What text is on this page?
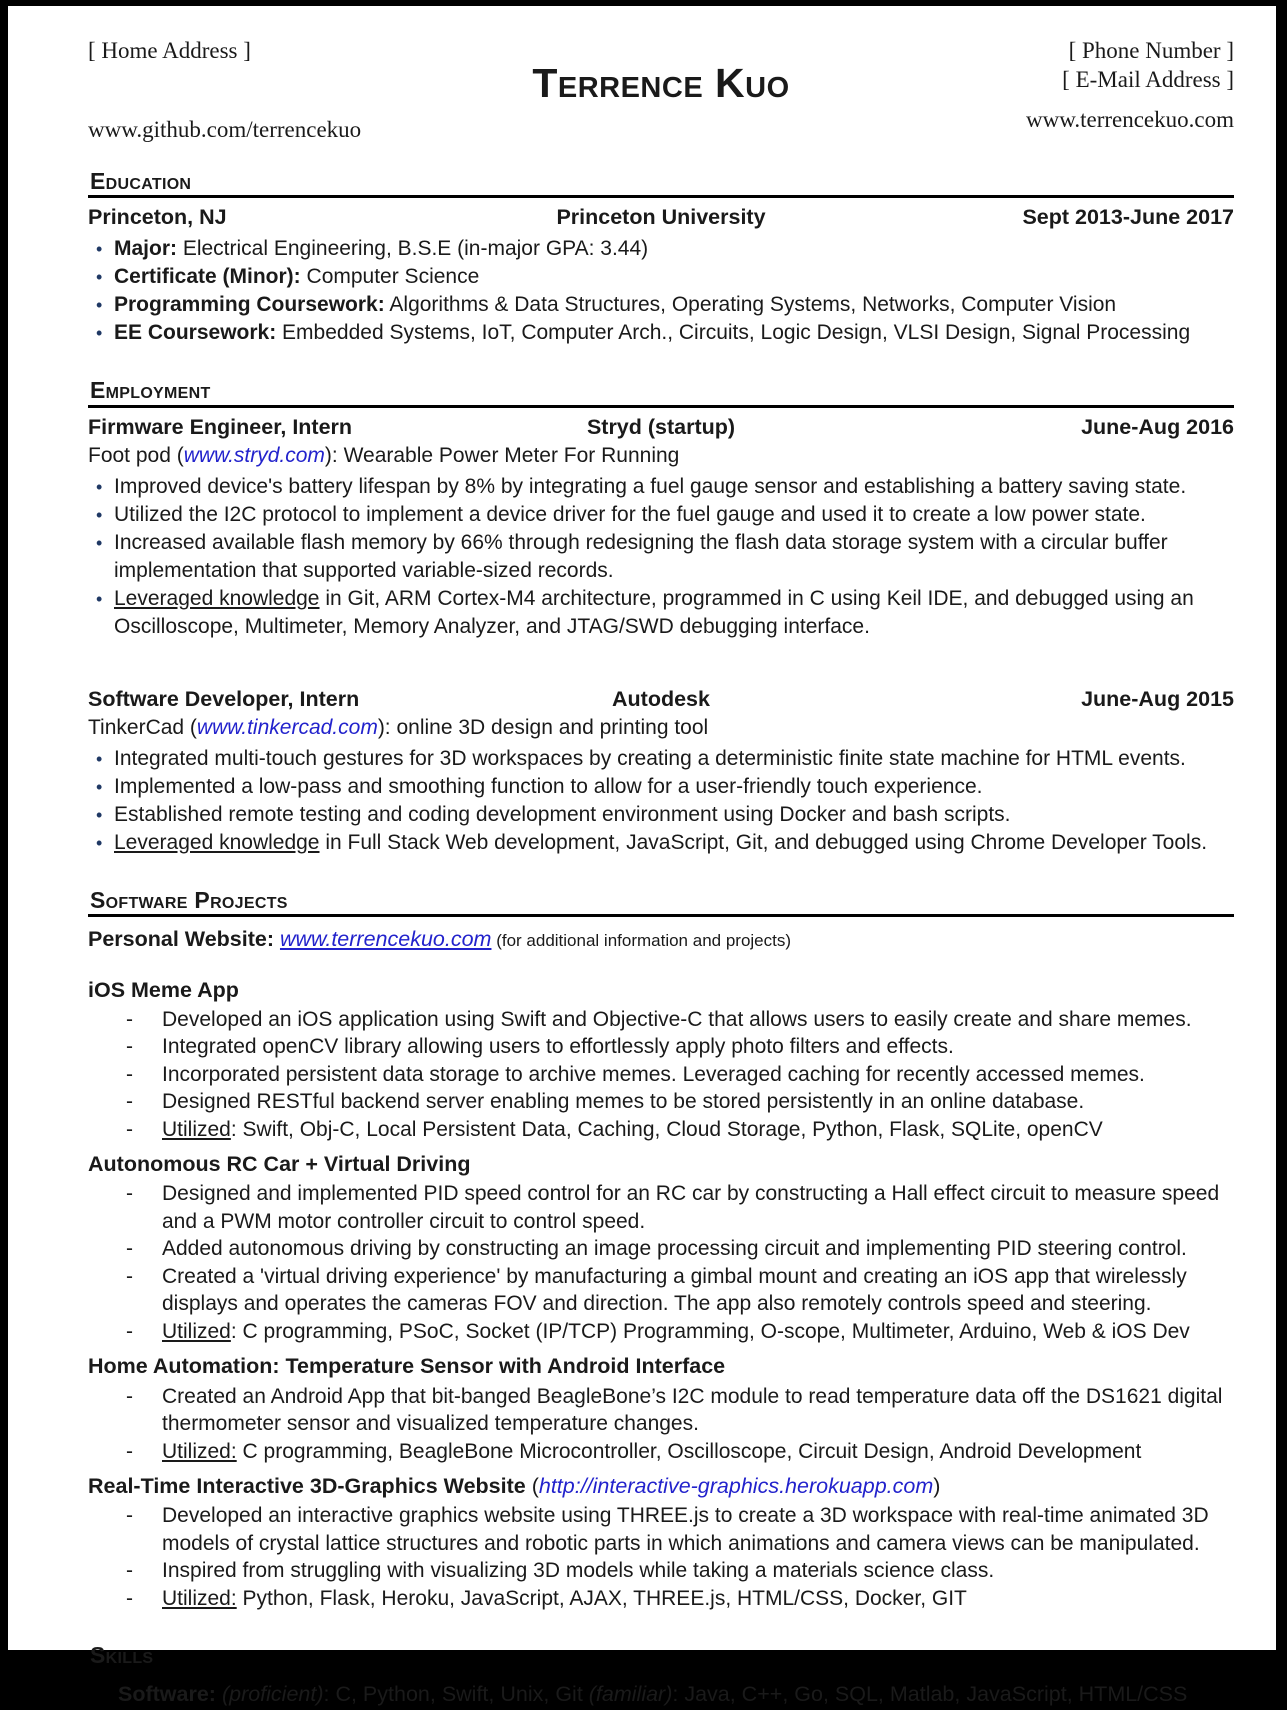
[ Home Address ]
www.github.com/terrencekuo
Terrence Kuo
[ Phone Number ]
[ E-Mail Address ]
www.terrencekuo.com
Education
Princeton, NJ	Princeton University	Sept 2013-June 2017
• Major: Electrical Engineering, B.S.E (in-major GPA: 3.44)
• Certificate (Minor): Computer Science
• Programming Coursework: Algorithms & Data Structures, Operating Systems, Networks, Computer Vision
• EE Coursework: Embedded Systems, IoT, Computer Arch., Circuits, Logic Design, VLSI Design, Signal Processing
Employment
Firmware Engineer, Intern	Stryd (startup)	June-Aug 2016

Foot pod (www.stryd.com): Wearable Power Meter For Running

• Improved device's battery lifespan by 8% by integrating a fuel gauge sensor and establishing a battery saving state.
• Utilized the I2C protocol to implement a device driver for the fuel gauge and used it to create a low power state.
• Increased available flash memory by 66% through redesigning the flash data storage system with a circular buffer implementation that supported variable-sized records.
• Leveraged knowledge in Git, ARM Cortex-M4 architecture, programmed in C using Keil IDE, and debugged using an Oscilloscope, Multimeter, Memory Analyzer, and JTAG/SWD debugging interface.
Software Developer, Intern	Autodesk	June-Aug 2015

TinkerCad (www.tinkercad.com): online 3D design and printing tool

• Integrated multi-touch gestures for 3D workspaces by creating a deterministic finite state machine for HTML events.
• Implemented a low-pass and smoothing function to allow for a user-friendly touch experience.
• Established remote testing and coding development environment using Docker and bash scripts.
• Leveraged knowledge in Full Stack Web development, JavaScript, Git, and debugged using Chrome Developer Tools.
Software Projects

Personal Website: www.terrencekuo.com (for additional information and projects)

iOS Meme App
- Developed an iOS application using Swift and Objective-C that allows users to easily create and share memes.
- Integrated openCV library allowing users to effortlessly apply photo filters and effects.
- Incorporated persistent data storage to archive memes. Leveraged caching for recently accessed memes.
- Designed RESTful backend server enabling memes to be stored persistently in an online database.
- Utilized: Swift, Obj-C, Local Persistent Data, Caching, Cloud Storage, Python, Flask, SQLite, openCV
Autonomous RC Car + Virtual Driving
- Designed and implemented PID speed control for an RC car by constructing a Hall effect circuit to measure speed and a PWM motor controller circuit to control speed.
- Added autonomous driving by constructing an image processing circuit and implementing PID steering control.
- Created a 'virtual driving experience' by manufacturing a gimbal mount and creating an iOS app that wirelessly displays and operates the cameras FOV and direction. The app also remotely controls speed and steering.
- Utilized: C programming, PSoC, Socket (IP/TCP) Programming, O-scope, Multimeter, Arduino, Web & iOS Dev
Home Automation: Temperature Sensor with Android Interface
- Created an Android App that bit-banged BeagleBone’s I2C module to read temperature data off the DS1621 digital thermometer sensor and visualized temperature changes.
- Utilized: C programming, BeagleBone Microcontroller, Oscilloscope, Circuit Design, Android Development
Real-Time Interactive 3D-Graphics Website (http://interactive-graphics.herokuapp.com)
- Developed an interactive graphics website using THREE.js to create a 3D workspace with real-time animated 3D models of crystal lattice structures and robotic parts in which animations and camera views can be manipulated.
- Inspired from struggling with visualizing 3D models while taking a materials science class.
- Utilized: Python, Flask, Heroku, JavaScript, AJAX, THREE.js, HTML/CSS, Docker, GIT
Skills

Software: (proficient): C, Python, Swift, Unix, Git (familiar): Java, C++, Go, SQL, Matlab, JavaScript, HTML/CSS
